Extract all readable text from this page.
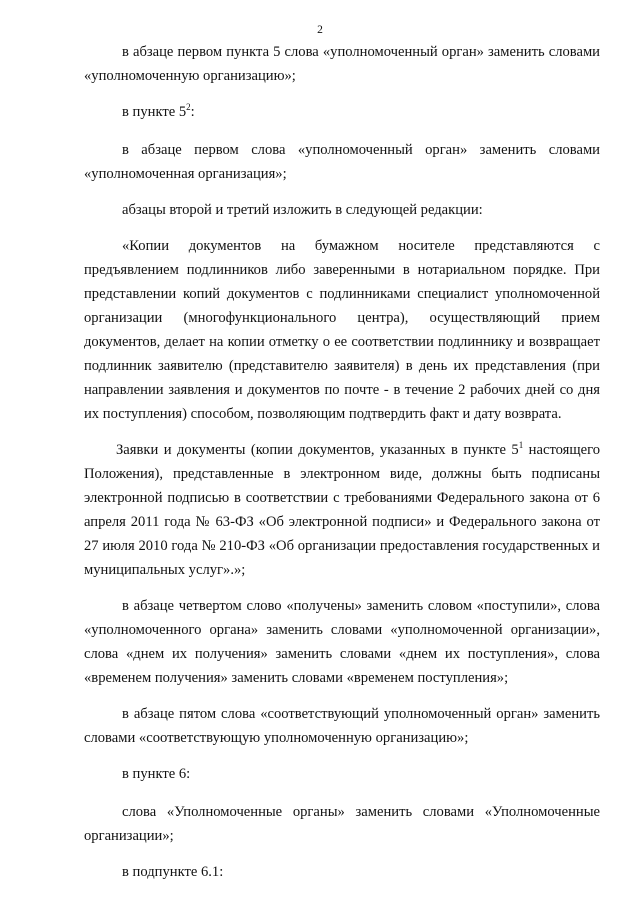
2

в абзаце первом пункта 5 слова «уполномоченный орган» заменить словами «уполномоченную организацию»;

в пункте $5^2$:

в абзаце первом слова «уполномоченный орган» заменить словами «уполномоченная организация»;

абзацы второй и третий изложить в следующей редакции:

«Копии документов на бумажном носителе представляются с предъявлением подлинников либо заверенными в нотариальном порядке. При представлении копий документов с подлинниками специалист уполномоченной организации (многофункционального центра), осуществляющий прием документов, делает на копии отметку о ее соответствии подлиннику и возвращает подлинник заявителю (представителю заявителя) в день их представления (при направлении заявления и документов по почте - в течение 2 рабочих дней со дня их поступления) способом, позволяющим подтвердить факт и дату возврата.

Заявки и документы (копии документов, указанных в пункте $5^1$ настоящего Положения), представленные в электронном виде, должны быть подписаны электронной подписью в соответствии с требованиями Федерального закона от 6 апреля 2011 года № 63-ФЗ «Об электронной подписи» и Федерального закона от 27 июля 2010 года № 210-ФЗ «Об организации предоставления государственных и муниципальных услуг».»;

в абзаце четвертом слово «получены» заменить словом «поступили», слова «уполномоченного органа» заменить словами «уполномоченной организации», слова «днем их получения» заменить словами «днем их поступления», слова «временем получения» заменить словами «временем поступления»;

в абзаце пятом слова «соответствующий уполномоченный орган» заменить словами «соответствующую уполномоченную организацию»;

в пункте 6:

слова «Уполномоченные органы» заменить словами «Уполномоченные организации»;

в подпункте 6.1:
